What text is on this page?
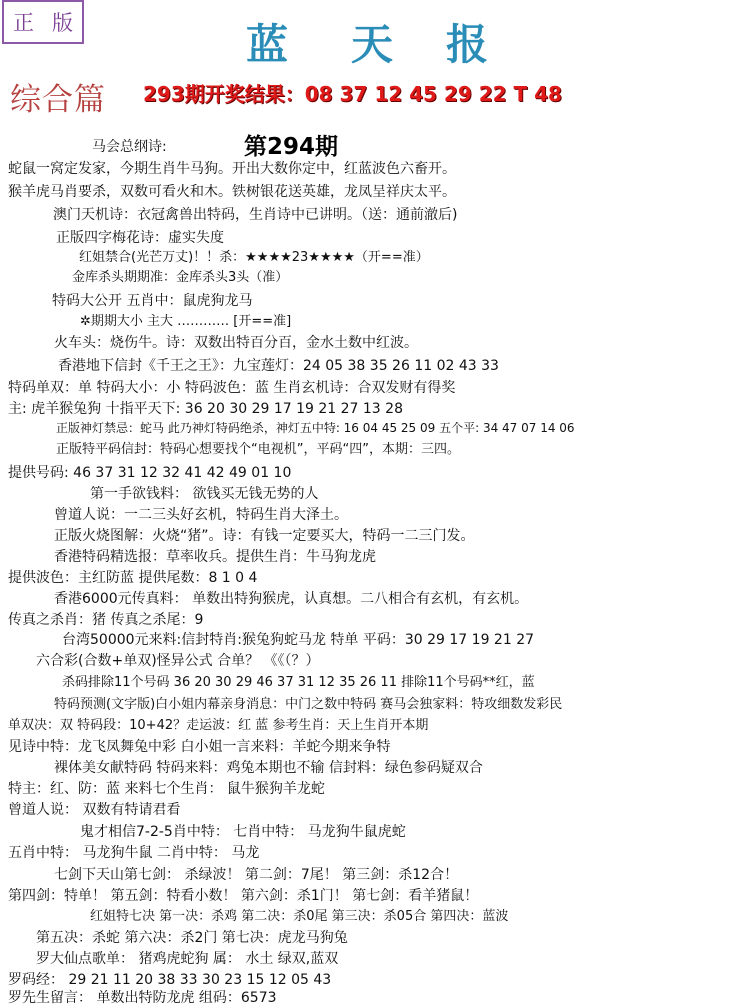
正 版	蓝 天 报
综合篇 293期开奖结果：08 37 12 45 29 22 T 48
第294期
马会总纲诗:
蛇鼠一窝定发家，今期生肖牛马狗。开出大数你定中，红蓝波色六畜开。
猴羊虎马肖要杀，双数可看火和木。铁树银花送英雄，龙凤呈祥庆太平。
澳门天机诗：衣冠禽兽出特码，生肖诗中已讲明。（送：通前澈后)
正版四字梅花诗：虚实失度
红姐禁合(光芒万丈)！！杀：★★★★23★★★★（开==准）
金库杀头期期准：金库杀头3头（准）
特码大公开 五肖中：鼠虎狗龙马
✲期期大小 主大 ………… [开==准]
火车头：烧伤牛。诗：双数出特百分百，金水土数中红波。
香港地下信封《千王之王》：九宝莲灯：24 05 38 35 26 11 02 43 33
特码单双：单 特码大小：小 特码波色：蓝 生肖玄机诗：合双发财有得奖
主: 虎羊猴兔狗 十指平天下: 36 20 30 29 17 19 21 27 13 28
正版神灯禁忌：蛇马 此乃神灯特码绝杀，神灯五中特: 16 04 45 25 09 五个平: 34 47 07 14 06
正版特平码信封：特码心想要找个“电视机”，平码“四”，本期：三四。
提供号码: 46 37 31 12 32 41 42 49 01 10
第一手欲钱料： 欲钱买无钱无势的人
曾道人说：一二三头好玄机，特码生肖大泽土。
正版火烧图解：火烧“猪”。诗：有钱一定要买大，特码一二三门发。
香港特码精选报：草率收兵。提供生肖：牛马狗龙虎
提供波色：主红防蓝 提供尾数：8 1 0 4
香港6000元传真料： 单数出特狗猴虎，认真想。二八相合有玄机，有玄机。
传真之杀肖：猪 传真之杀尾：9
台湾50000元来料:信封特肖:猴兔狗蛇马龙 特单 平码：30 29 17 19 21 27
六合彩(合数+单双)怪异公式 合单？ 《《（？）
杀码排除11个号码 36 20 30 29 46 37 31 12 35 26 11 排除11个号码**红，蓝
特码预测(文字版)白小姐内幕亲身消息：中门之数中特码 赛马会独家料：特攻细数发彩民
单双决：双 特码段：10+42？走运波：红 蓝 参考生肖：天上生肖开本期
见诗中特：龙飞凤舞兔中彩 白小姐一言来料：羊蛇今期来争特
裸体美女献特码 特码来料：鸡兔本期也不输 信封料：绿色参码疑双合
特主：红、防：蓝 来料七个生肖： 鼠牛猴狗羊龙蛇
曾道人说： 双数有特请君看
鬼才相信7-2-5肖中特： 七肖中特： 马龙狗牛鼠虎蛇
五肖中特： 马龙狗牛鼠 二肖中特： 马龙
七剑下天山第七剑： 杀绿波！ 第二剑：7尾！ 第三剑：杀12合！
第四剑：特单！ 第五剑：特看小数！ 第六剑：杀1门！ 第七剑：看羊猪鼠！
红姐特七决 第一决：杀鸡 第二决：杀0尾 第三决：杀05合 第四决：蓝波
第五决：杀蛇 第六决：杀2门 第七决：虎龙马狗兔
罗大仙点歌单： 猪鸡虎蛇狗 属： 水土 绿双,蓝双
罗码经： 29 21 11 20 38 33 30 23 15 12 05 43
罗先生留言： 单数出特防龙虎 组码：6573
